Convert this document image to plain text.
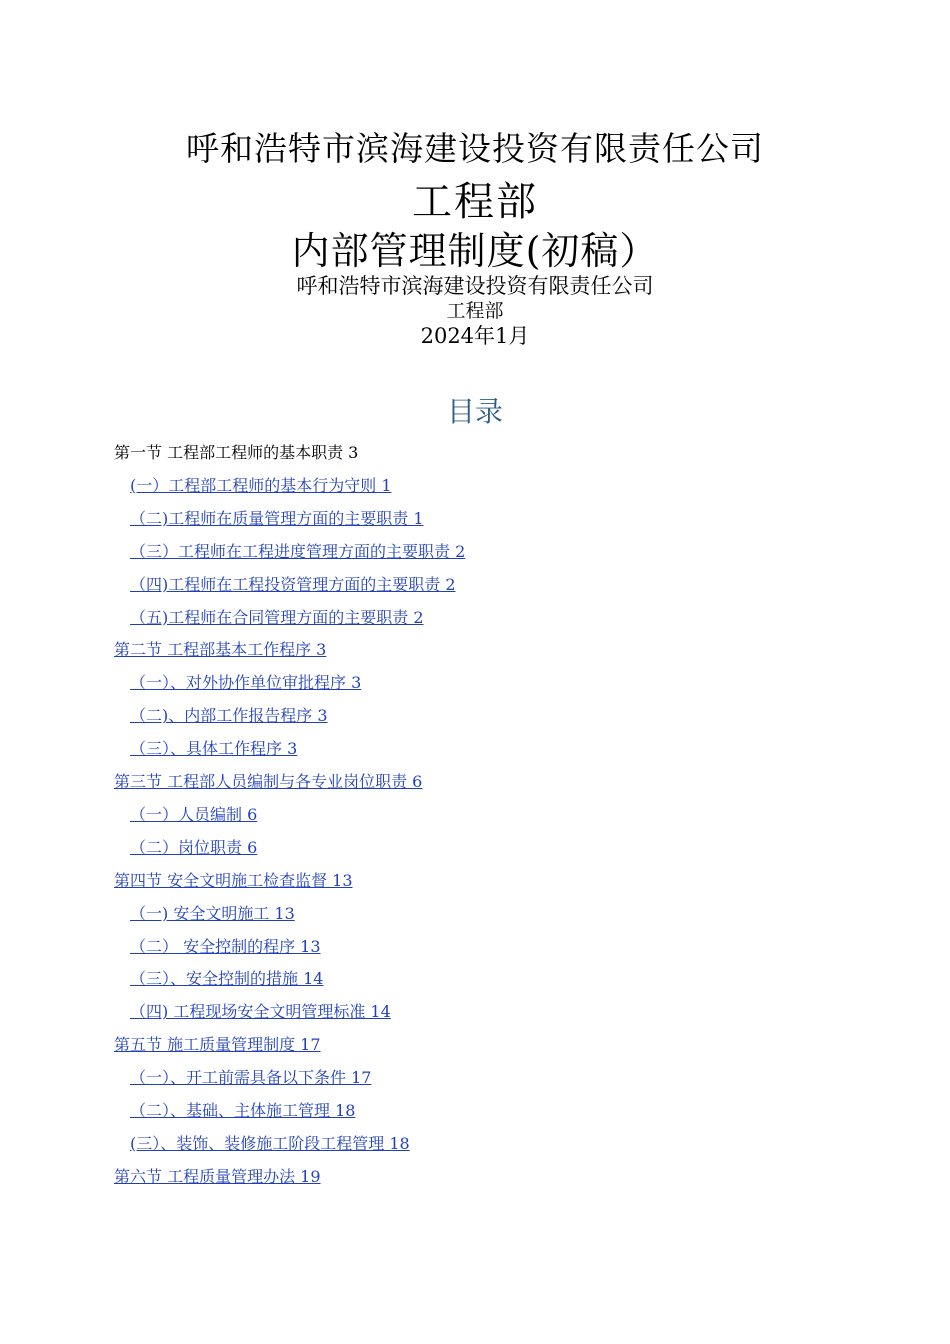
呼和浩特市滨海建设投资有限责任公司
工程部
内部管理制度(初稿）
呼和浩特市滨海建设投资有限责任公司
工程部
2024年1月
目录
第一节 工程部工程师的基本职责 3
(一）工程部工程师的基本行为守则 1
（二)工程师在质量管理方面的主要职责 1
（三）工程师在工程进度管理方面的主要职责 2
（四)工程师在工程投资管理方面的主要职责 2
（五)工程师在合同管理方面的主要职责 2
第二节 工程部基本工作程序 3
（一）、对外协作单位审批程序 3
（二)、内部工作报告程序 3
（三）、具体工作程序 3
第三节 工程部人员编制与各专业岗位职责 6
（一）人员编制 6
（二）岗位职责 6
第四节 安全文明施工检查监督 13
（一) 安全文明施工 13
（二） 安全控制的程序 13
（三）、安全控制的措施 14
（四) 工程现场安全文明管理标准 14
第五节 施工质量管理制度 17
（一）、开工前需具备以下条件 17
（二）、基础、主体施工管理 18
(三）、装饰、装修施工阶段工程管理 18
第六节 工程质量管理办法 19
